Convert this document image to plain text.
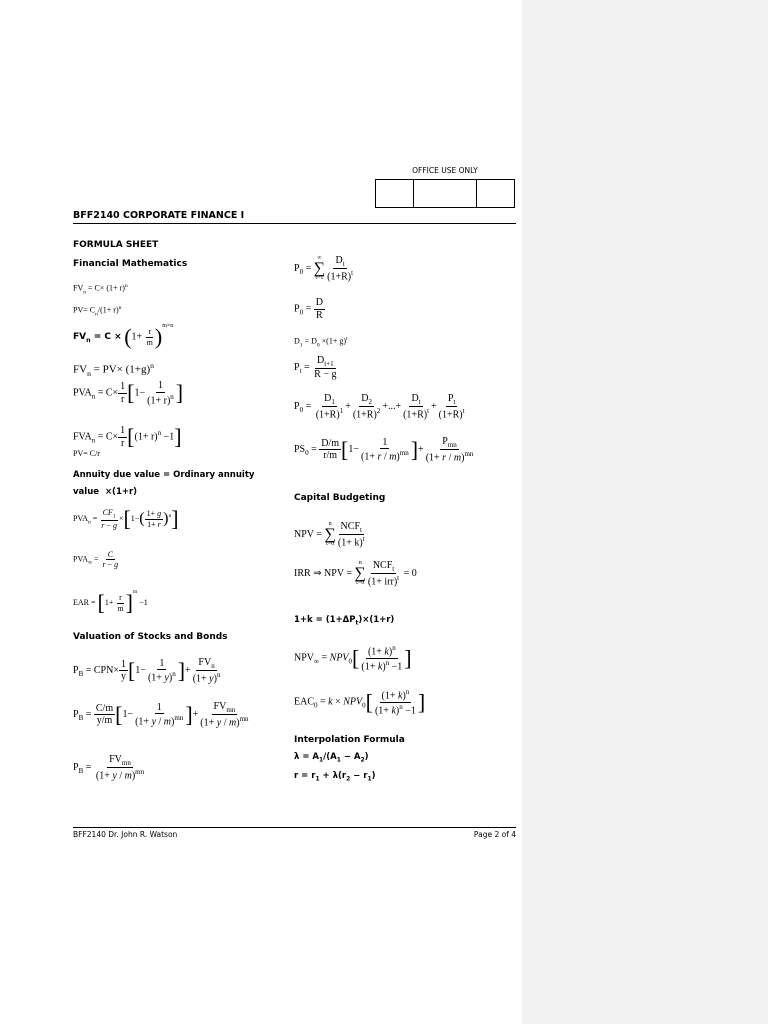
OFFICE USE ONLY
BFF2140 CORPORATE FINANCE I
FORMULA SHEET
Financial Mathematics
$FV_n = C\times (1+ r)^n$
$PV= C_n/(1+ r)^n$
$FV_n = C \times (1+ \frac{r}{m} )^{m\times n}$
$FV_n = PV\times (1+g)^n$
$PVA_n = C\times \frac{1}{r} [1- \frac{1}{(1+ r)^n}$ ]
$FVA_n = C\times \frac{1}{r} [(1+ r)^n -1]$
PV= C/r
Annuity due value = Ordinary annuity
value ×(1+r)
$PVA_n = \frac{CF_1}{r - g} \times[1-( \frac{1+ g}{1+ r} )^n]$
$PVA_\infty = \frac{C}{r - g}$
EAR = $[1+ \frac{r}{m} ]^m -1$
Valuation of Stocks and Bonds
$P_B = CPN\times \frac{1}{y} [1- \frac{1}{(1+ y)^n}$ ]+ $\frac{FV_n}{(1+ y)^n}$
$P_B = \frac{C/m}{y/m} [1- \frac{1}{(1+ y / m)^{mn}}$ ]+ $\frac{FV_{mn}}{(1+ y / m)^{mn}}$
$P_B = \frac{FV_{mn}}{(1+ y / m)^{mn}}$
$P_0$ =
∞
∑
$t=1 \frac{D_t}{(1+R)^t}$
$P_0 = \frac{D}{R}$
$D_1 = D_0 \times(1+ g)^t$
$P_t = \frac{D_{t+1}}{R - g}$
$P_0 = \frac{D_1}{(1+R)^1} + \frac{D_2}{(1+R)^2}$ +...+ $\frac{D_t}{(1+R)^t} + \frac{P_t}{(1+R)^t}$
$PS_0 = \frac{D/m}{r/m} [1- \frac{1}{(1+ r / m)^{mn}}$ ]+ $\frac{P_{mn}}{(1+ r / m)^{mn}}$
Capital Budgeting
NPV =
n
∑
$t=0 \frac{NCF_t}{(1+ k)^t}$
IRR ⇒ NPV =
n
∑
$t=0 \frac{NCF_t}{(1+ irr)^t} = 0$
$1+k = (1+\Delta P_t)\times(1+r)$
$NPV_\infty = NPV_0[ \frac{(1+ k)^n}{(1+ k)^n -1}$ ]
$EAC_0 = k \times NPV_0[ \frac{(1+ k)^n}{(1+ k)^n -1}$ ]
Interpolation Formula
$\lambda = A_1/(A_1 - A_2)$
$r = r_1 + \lambda(r_2 - r_1)$
BFF2140 Dr. John R. Watson	Page 2 of 4
